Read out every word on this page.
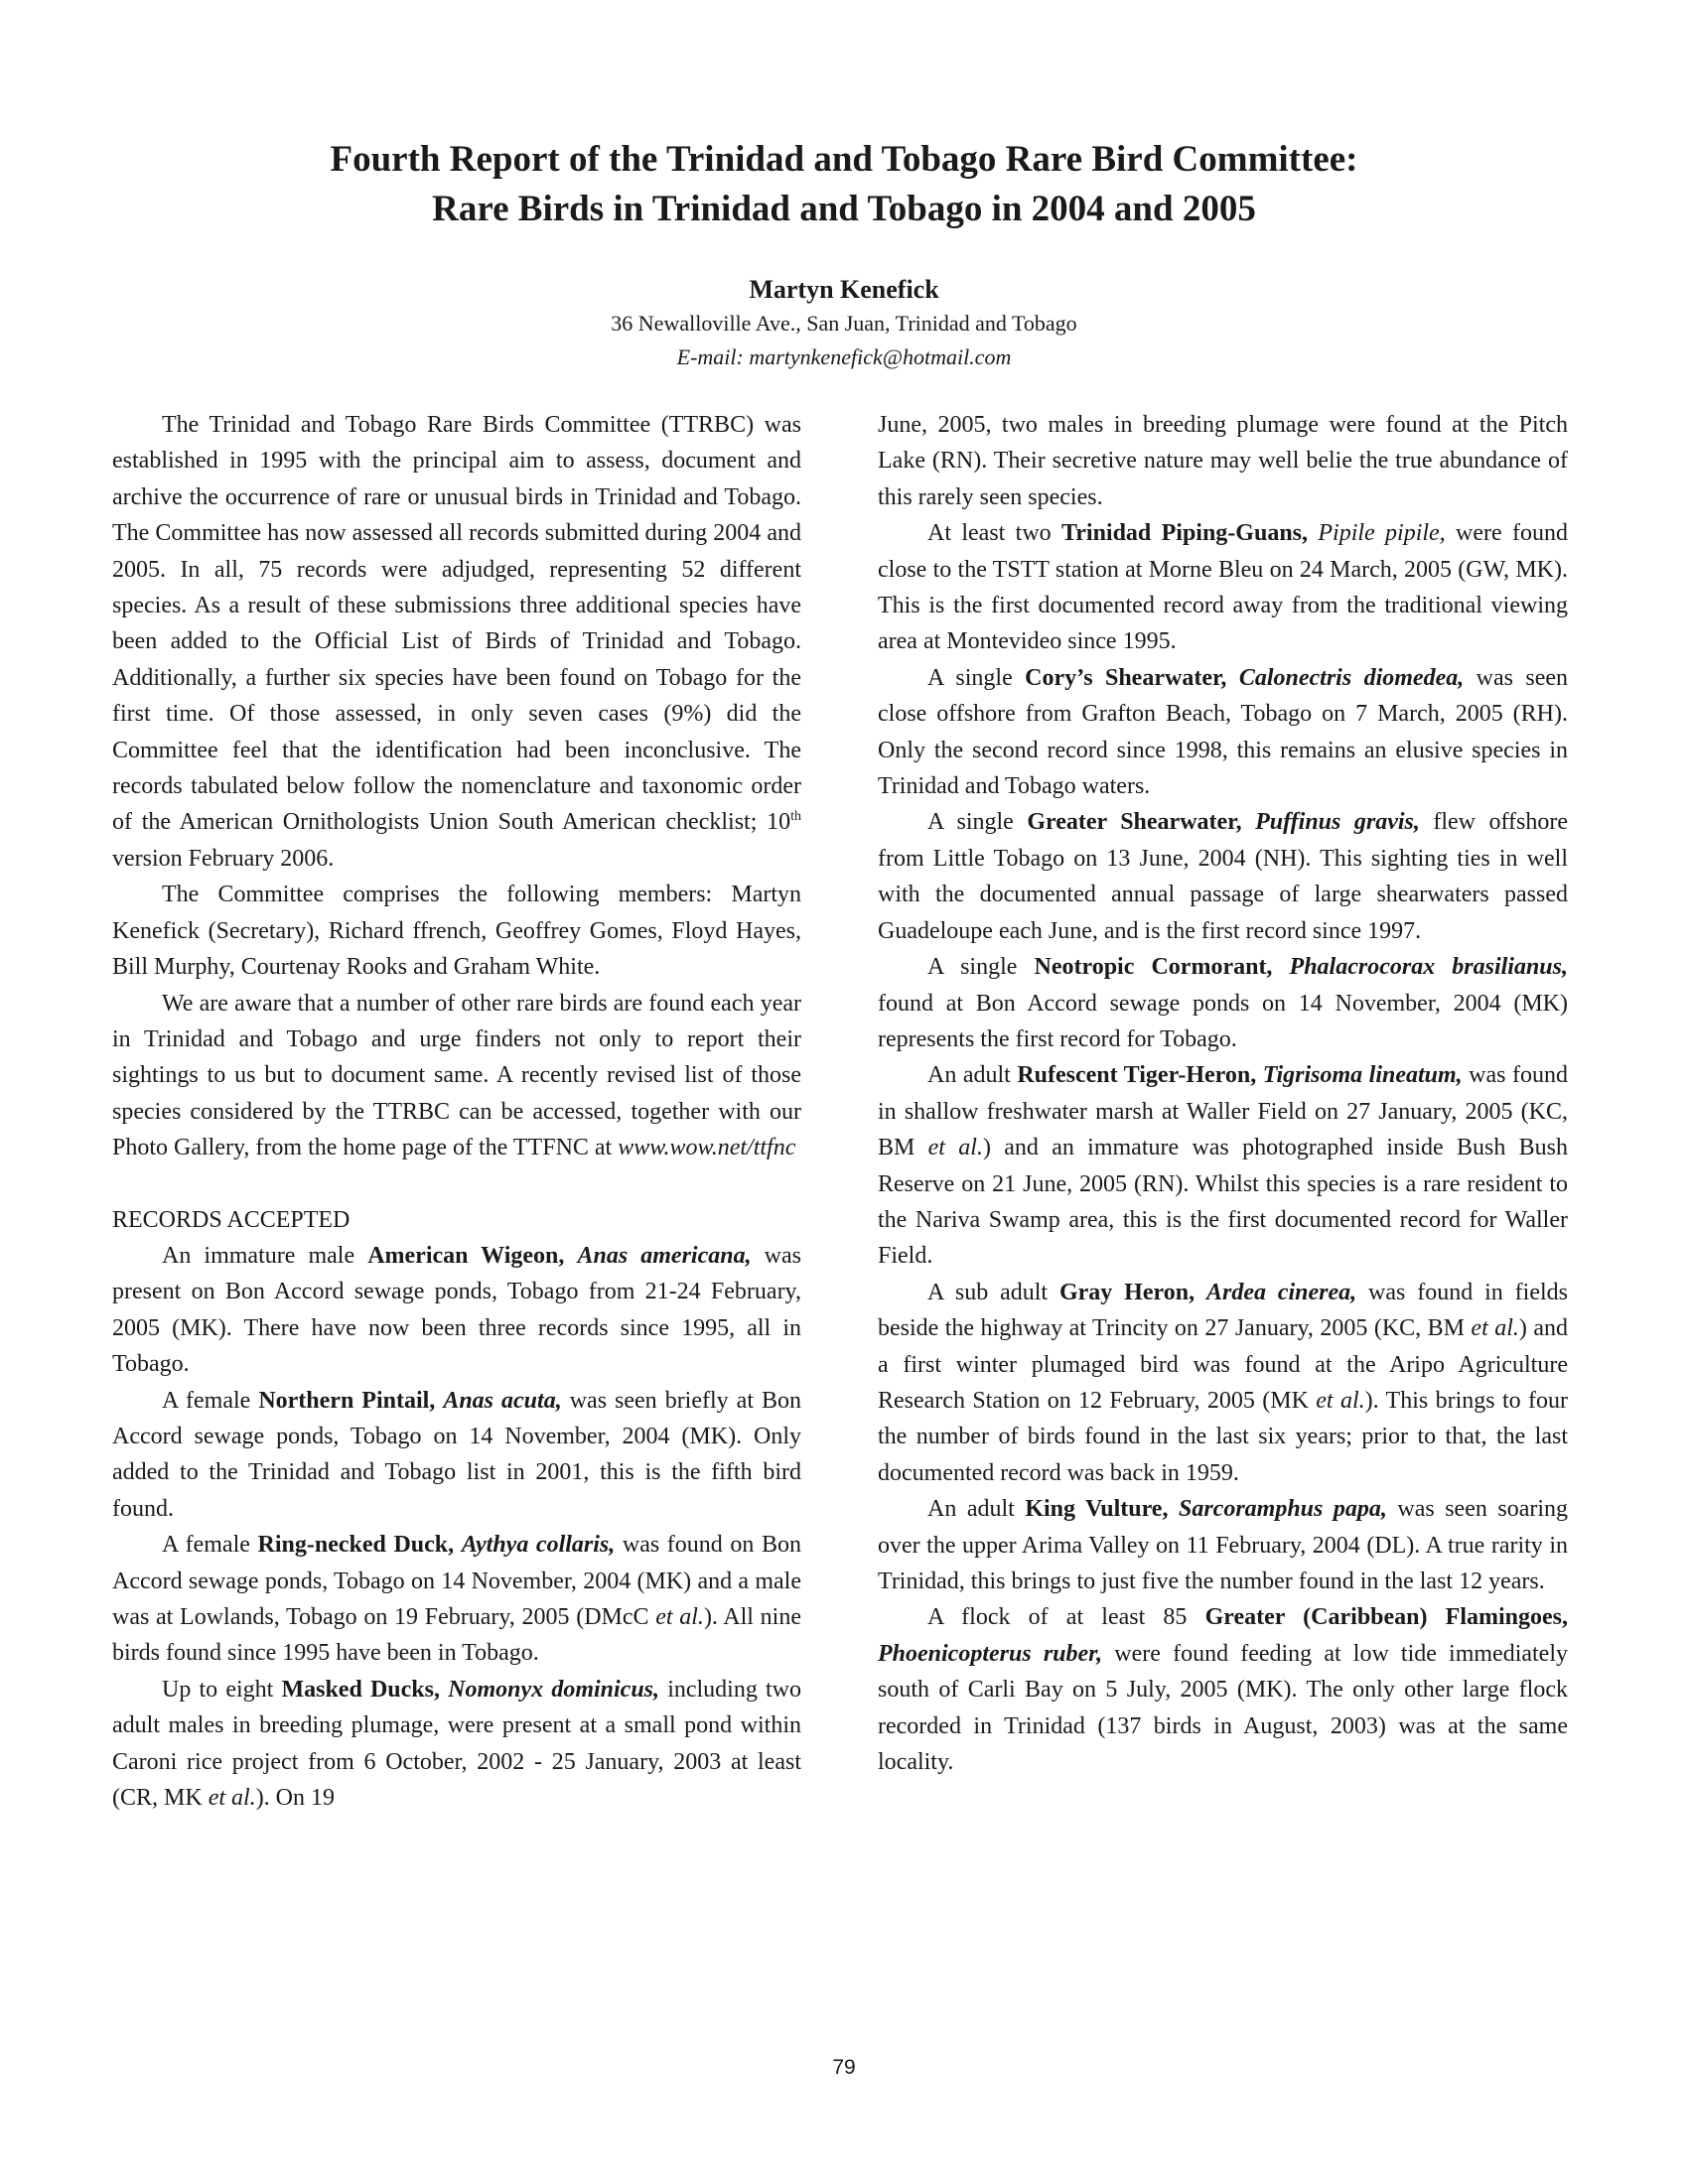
Fourth Report of the Trinidad and Tobago Rare Bird Committee:
Rare Birds in Trinidad and Tobago in 2004 and 2005
Martyn Kenefick
36 Newalloville Ave., San Juan, Trinidad and Tobago
E-mail: martynkenefick@hotmail.com

The Trinidad and Tobago Rare Birds Committee (TTRBC) was established in 1995 with the principal aim to assess, document and archive the occurrence of rare or unusual birds in Trinidad and Tobago. The Committee has now assessed all records submitted during 2004 and 2005. In all, 75 records were adjudged, representing 52 different species. As a result of these submissions three additional species have been added to the Official List of Birds of Trinidad and Tobago. Additionally, a further six species have been found on Tobago for the first time. Of those assessed, in only seven cases (9%) did the Committee feel that the identification had been inconclusive. The records tabulated below follow the nomenclature and taxonomic order of the American Ornithologists Union South American checklist; 10th version February 2006.

The Committee comprises the following members: Martyn Kenefick (Secretary), Richard ffrench, Geoffrey Gomes, Floyd Hayes, Bill Murphy, Courtenay Rooks and Graham White.

We are aware that a number of other rare birds are found each year in Trinidad and Tobago and urge finders not only to report their sightings to us but to document same. A recently revised list of those species considered by the TTRBC can be accessed, together with our Photo Gallery, from the home page of the TTFNC at www.wow.net/ttfnc

RECORDS ACCEPTED

An immature male American Wigeon, Anas americana, was present on Bon Accord sewage ponds, Tobago from 21-24 February, 2005 (MK). There have now been three records since 1995, all in Tobago.

A female Northern Pintail, Anas acuta, was seen briefly at Bon Accord sewage ponds, Tobago on 14 November, 2004 (MK). Only added to the Trinidad and Tobago list in 2001, this is the fifth bird found.

A female Ring-necked Duck, Aythya collaris, was found on Bon Accord sewage ponds, Tobago on 14 November, 2004 (MK) and a male was at Lowlands, Tobago on 19 February, 2005 (DMcC et al.). All nine birds found since 1995 have been in Tobago.

Up to eight Masked Ducks, Nomonyx dominicus, including two adult males in breeding plumage, were present at a small pond within Caroni rice project from 6 October, 2002 - 25 January, 2003 at least (CR, MK et al.). On 19

June, 2005, two males in breeding plumage were found at the Pitch Lake (RN). Their secretive nature may well belie the true abundance of this rarely seen species.

At least two Trinidad Piping-Guans, Pipile pipile, were found close to the TSTT station at Morne Bleu on 24 March, 2005 (GW, MK). This is the first documented record away from the traditional viewing area at Montevideo since 1995.

A single Cory’s Shearwater, Calonectris diomedea, was seen close offshore from Grafton Beach, Tobago on 7 March, 2005 (RH). Only the second record since 1998, this remains an elusive species in Trinidad and Tobago waters.

A single Greater Shearwater, Puffinus gravis, flew offshore from Little Tobago on 13 June, 2004 (NH). This sighting ties in well with the documented annual passage of large shearwaters passed Guadeloupe each June, and is the first record since 1997.

A single Neotropic Cormorant, Phalacrocorax brasilianus, found at Bon Accord sewage ponds on 14 November, 2004 (MK) represents the first record for Tobago.

An adult Rufescent Tiger-Heron, Tigrisoma lineatum, was found in shallow freshwater marsh at Waller Field on 27 January, 2005 (KC, BM et al.) and an immature was photographed inside Bush Bush Reserve on 21 June, 2005 (RN). Whilst this species is a rare resident to the Nariva Swamp area, this is the first documented record for Waller Field.

A sub adult Gray Heron, Ardea cinerea, was found in fields beside the highway at Trincity on 27 January, 2005 (KC, BM et al.) and a first winter plumaged bird was found at the Aripo Agriculture Research Station on 12 February, 2005 (MK et al.). This brings to four the number of birds found in the last six years; prior to that, the last documented record was back in 1959.

An adult King Vulture, Sarcoramphus papa, was seen soaring over the upper Arima Valley on 11 February, 2004 (DL). A true rarity in Trinidad, this brings to just five the number found in the last 12 years.

A flock of at least 85 Greater (Caribbean) Flamingoes, Phoenicopterus ruber, were found feeding at low tide immediately south of Carli Bay on 5 July, 2005 (MK). The only other large flock recorded in Trinidad (137 birds in August, 2003) was at the same locality.

79
